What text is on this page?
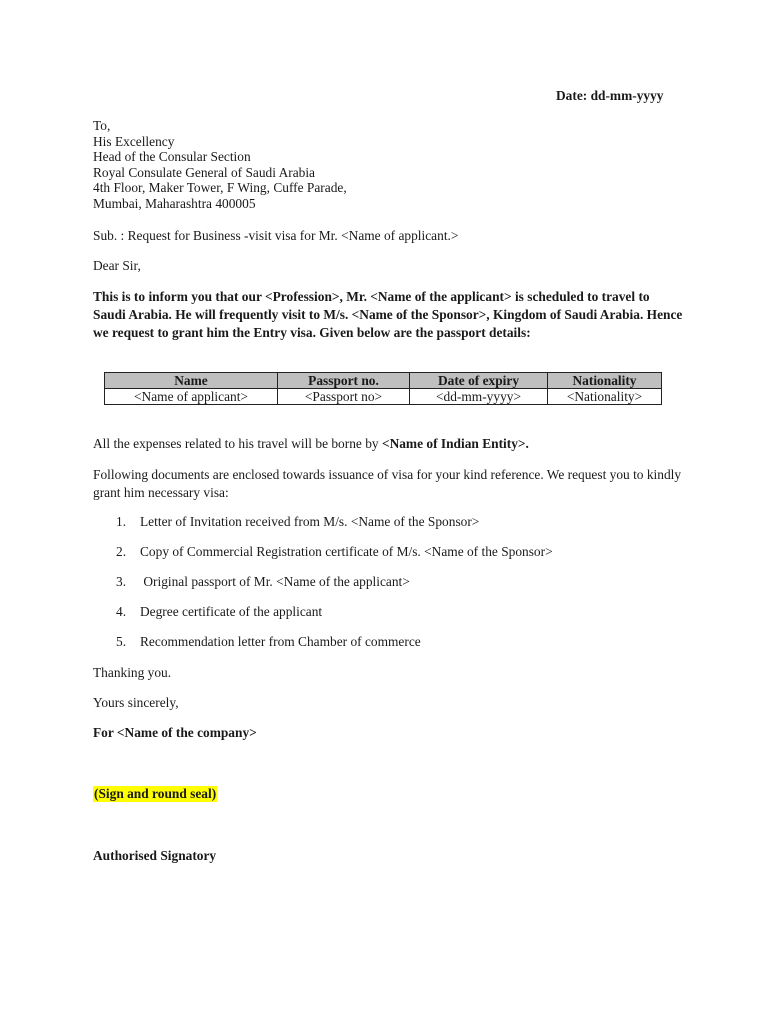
Date: dd-mm-yyyy
To,
His Excellency
Head of the Consular Section
Royal Consulate General of Saudi Arabia
4th Floor, Maker Tower, F Wing, Cuffe Parade,
Mumbai, Maharashtra 400005
Sub. : Request for Business -visit visa for Mr. <Name of applicant.>
Dear Sir,
This is to inform you that our <Profession>, Mr. <Name of the applicant> is scheduled to travel to Saudi Arabia. He will frequently visit to M/s. <Name of the Sponsor>, Kingdom of Saudi Arabia. Hence we request to grant him the Entry visa. Given below are the passport details:
Name	Passport no.	Date of expiry	Nationality
<Name of applicant>	<Passport no>	<dd-mm-yyyy>	<Nationality>
All the expenses related to his travel will be borne by <Name of Indian Entity>.
Following documents are enclosed towards issuance of visa for your kind reference. We request you to kindly grant him necessary visa:
1. Letter of Invitation received from M/s. <Name of the Sponsor>
2. Copy of Commercial Registration certificate of M/s. <Name of the Sponsor>
3. Original passport of Mr. <Name of the applicant>
4. Degree certificate of the applicant
5. Recommendation letter from Chamber of commerce
Thanking you.
Yours sincerely,
For <Name of the company>
(Sign and round seal)
Authorised Signatory
